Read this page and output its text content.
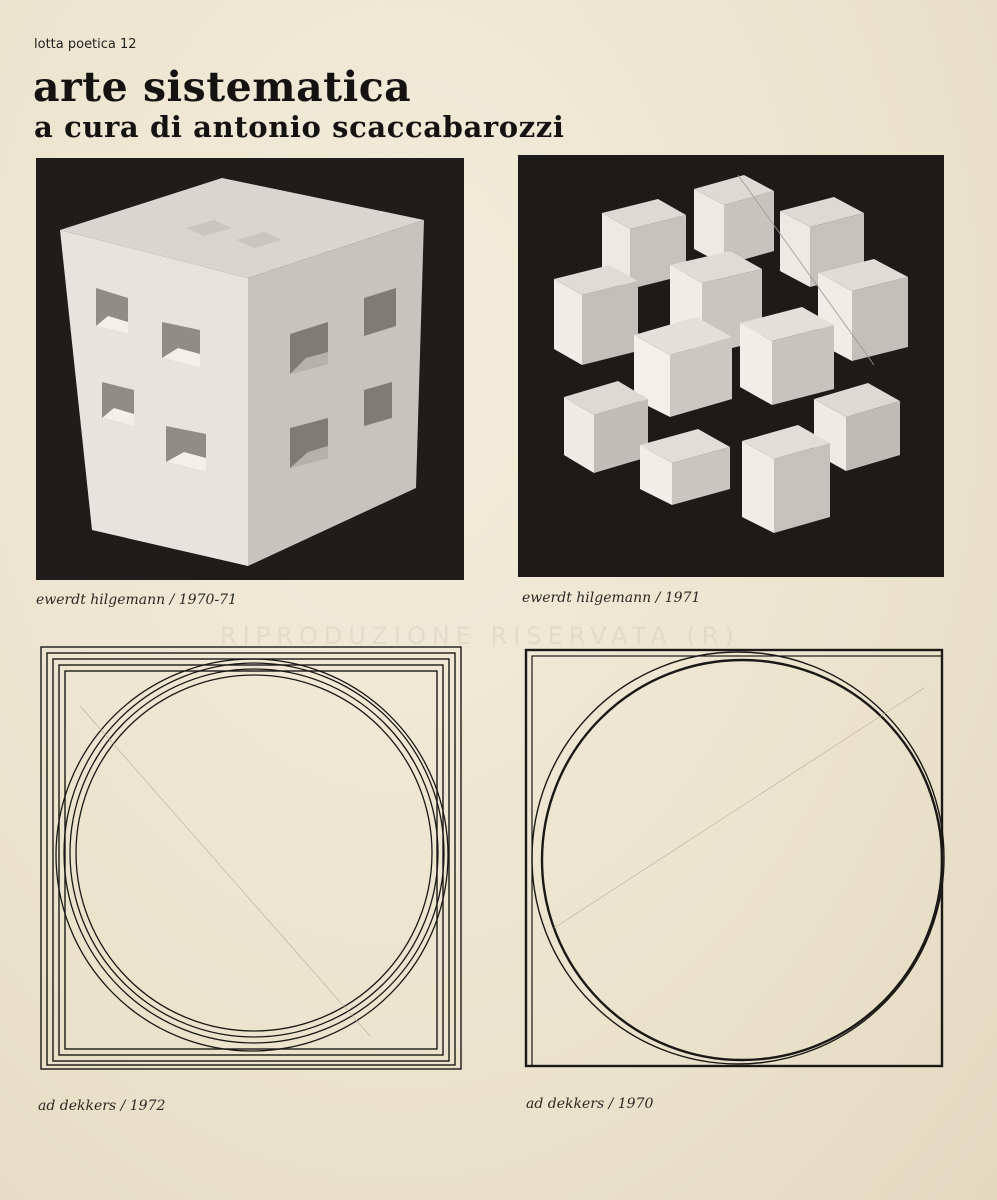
RIPRODUZIONE RISERVATA (R)
lotta poetica 12
arte sistematica
a cura di antonio scaccabarozzi
ewerdt hilgemann / 1970-71	ewerdt hilgemann / 1971
ad dekkers / 1972	ad dekkers / 1970
